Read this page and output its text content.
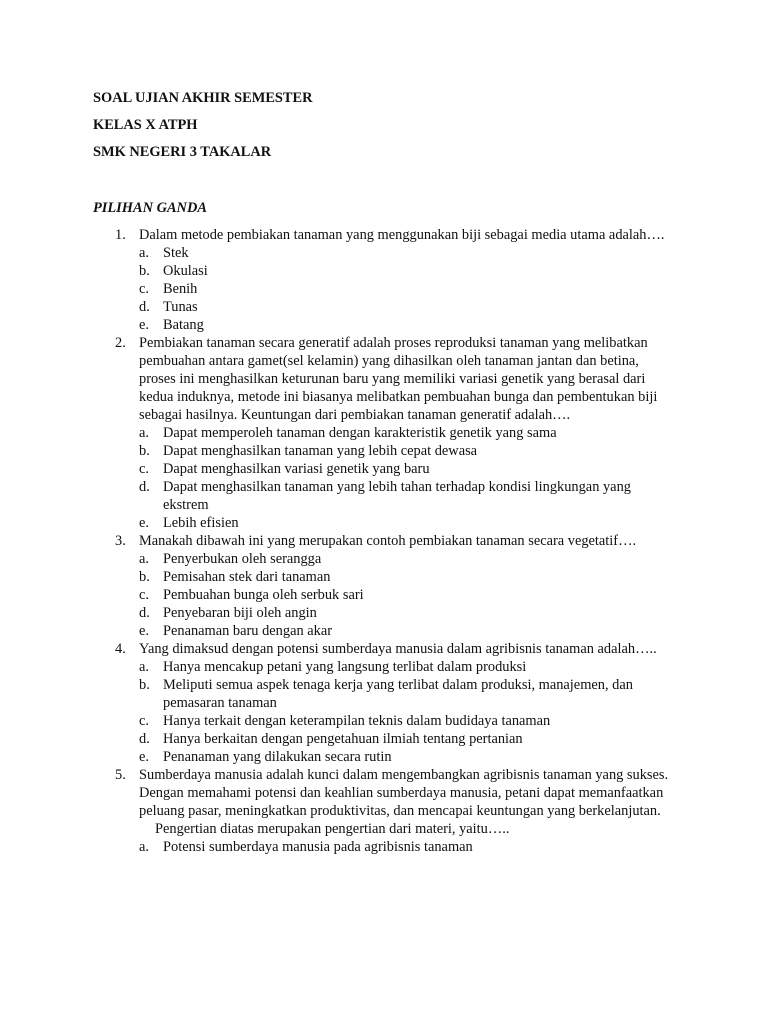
SOAL UJIAN AKHIR SEMESTER
KELAS X ATPH
SMK NEGERI 3 TAKALAR
PILIHAN GANDA
1. Dalam metode pembiakan tanaman yang menggunakan biji sebagai media utama adalah….
a. Stek
b. Okulasi
c. Benih
d. Tunas
e. Batang
2. Pembiakan tanaman secara generatif adalah proses reproduksi tanaman yang melibatkan pembuahan antara gamet(sel kelamin) yang dihasilkan oleh tanaman jantan dan betina, proses ini menghasilkan keturunan baru yang memiliki variasi genetik yang berasal dari kedua induknya, metode ini biasanya melibatkan pembuahan bunga dan pembentukan biji sebagai hasilnya. Keuntungan dari pembiakan tanaman generatif adalah….
a. Dapat memperoleh tanaman dengan karakteristik genetik yang sama
b. Dapat menghasilkan tanaman yang lebih cepat dewasa
c. Dapat menghasilkan variasi genetik yang baru
d. Dapat menghasilkan tanaman yang lebih tahan terhadap kondisi lingkungan yang ekstrem
e. Lebih efisien
3. Manakah dibawah ini yang merupakan contoh pembiakan tanaman secara vegetatif….
a. Penyerbukan oleh serangga
b. Pemisahan stek dari tanaman
c. Pembuahan bunga oleh serbuk sari
d. Penyebaran biji oleh angin
e. Penanaman baru dengan akar
4. Yang dimaksud dengan potensi sumberdaya manusia dalam agribisnis tanaman adalah…..
a. Hanya mencakup petani yang langsung terlibat dalam produksi
b. Meliputi semua aspek tenaga kerja yang terlibat dalam produksi, manajemen, dan pemasaran tanaman
c. Hanya terkait dengan keterampilan teknis dalam budidaya tanaman
d. Hanya berkaitan dengan pengetahuan ilmiah tentang pertanian
e. Penanaman yang dilakukan secara rutin
5. Sumberdaya manusia adalah kunci dalam mengembangkan agribisnis tanaman yang sukses. Dengan memahami potensi dan keahlian sumberdaya manusia, petani dapat memanfaatkan peluang pasar, meningkatkan produktivitas, dan mencapai keuntungan yang berkelanjutan.
Pengertian diatas merupakan pengertian dari materi, yaitu…..
a. Potensi sumberdaya manusia pada agribisnis tanaman
